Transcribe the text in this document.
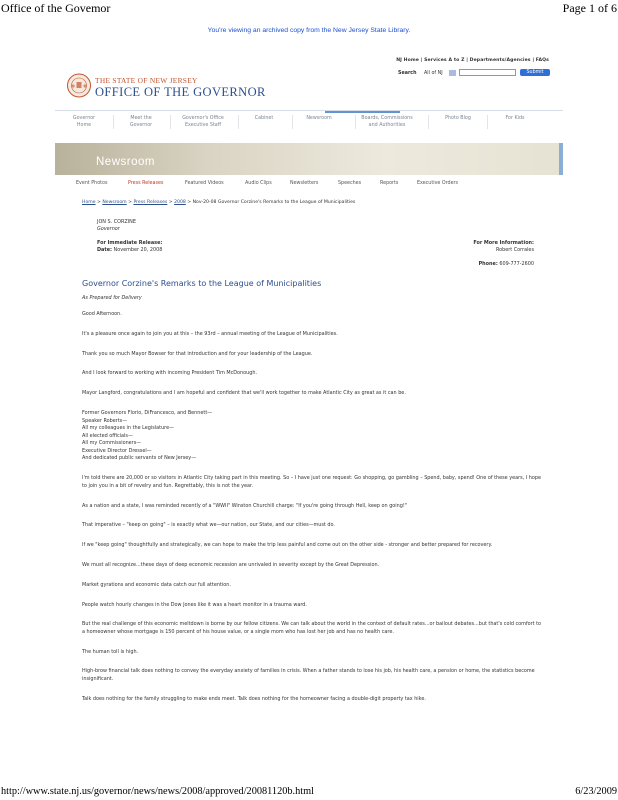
Office of the Govemor	Page 1 of 6
You're viewing an archived copy from the New Jersey State Library.
NJ Home | Services A to Z | Departments/Agencies | FAQs
Search All of NJ	Submit
THE STATE OF NEW JERSEY
OFFICE OF THE GOVERNOR
Governor
Home
Meet the
Governor
Governor's Office
Executive Staff
Cabinet	Newsroom	Boards, Commissions
and Authorities
Photo Blog	For Kids
Newsroom
Event Photos	Press Releases	Featured Videos	Audio Clips	Newsletters	Speeches	Reports	Executive Orders
Home > Newsroom > Press Releases > 2008 > Nov-20-08 Governor Corzine's Remarks to the League of Municipalities
JON S. CORZINE
Governor
For Immediate Release:
Date: November 20, 2008
For More Information:
Robert Corrales
Phone: 609-777-2600
Governor Corzine's Remarks to the League of Municipalities
As Prepared for Delivery

Good Afternoon.

It's a pleasure once again to join you at this – the 93rd – annual meeting of the League of Municipalities.

Thank you so much Mayor Bowser for that introduction and for your leadership of the League.

And I look forward to working with incoming President Tim McDonough.

Mayor Langford, congratulations and I am hopeful and confident that we'll work together to make Atlantic City as great as it can be.

Former Governors Florio, DiFrancesco, and Bennett—
Speaker Roberts—
All my colleagues in the Legislature—
All elected officials—
All my Commissioners—
Executive Director Dressel—
And dedicated public servants of New Jersey—

I'm told there are 20,000 or so visitors in Atlantic City taking part in this meeting. So – I have just one request: Go shopping, go gambling – Spend, baby, spend! One of these years, I hope to join you in a bit of revelry and fun. Regrettably, this is not the year.

As a nation and a state, I was reminded recently of a "WWII" Winston Churchill charge: "If you're going through Hell, keep on going!"

That imperative – "keep on going" – is exactly what we—our nation, our State, and our cities—must do.

If we "keep going" thoughtfully and strategically, we can hope to make the trip less painful and come out on the other side - stronger and better prepared for recovery.

We must all recognize...these days of deep economic recession are unrivaled in severity except by the Great Depression.

Market gyrations and economic data catch our full attention.

People watch hourly changes in the Dow Jones like it was a heart monitor in a trauma ward.

But the real challenge of this economic meltdown is borne by our fellow citizens. We can talk about the world in the context of default rates...or bailout debates...but that's cold comfort to a homeowner whose mortgage is 150 percent of his house value, or a single mom who has lost her job and has no health care.

The human toll is high.

High-brow financial talk does nothing to convey the everyday anxiety of families in crisis. When a father stands to lose his job, his health care, a pension or home, the statistics become insignificant.

Talk does nothing for the family struggling to make ends meet. Talk does nothing for the homeowner facing a double-digit property tax hike.

http://www.state.nj.us/governor/news/news/2008/approved/20081120b.html	6/23/2009
